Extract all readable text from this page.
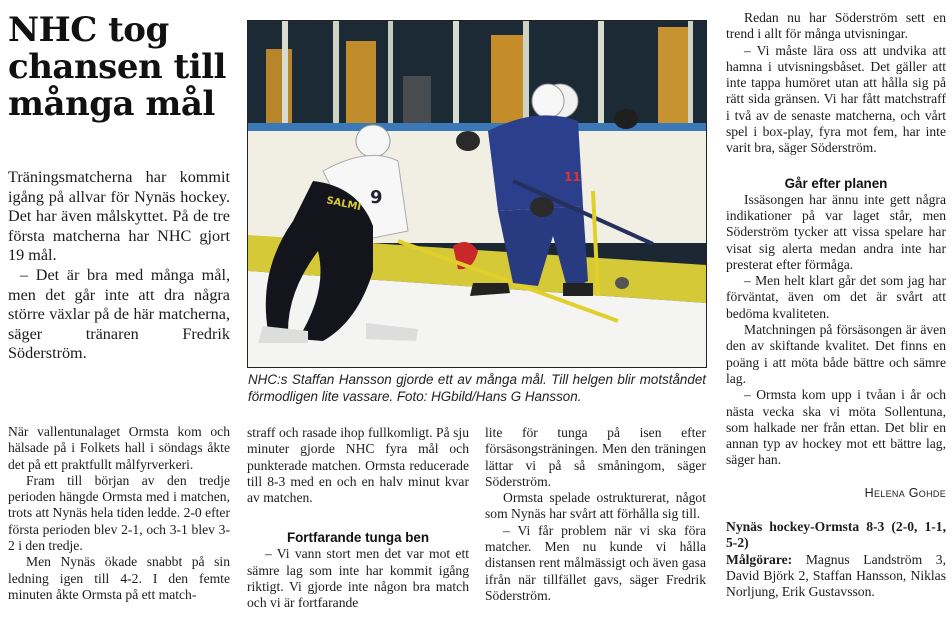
NHC tog chansen till många mål

Träningsmatcherna har kommit igång på allvar för Nynäs hockey. Det har även målskyttet. På de tre första matcherna har NHC gjort 19 mål.

– Det är bra med många mål, men det går inte att dra några större växlar på de här matcherna, säger tränaren Fredrik Söderström.

9
SALMI
11
NHC:s Staffan Hansson gjorde ett av många mål. Till helgen blir motståndet förmodligen lite vassare. Foto: HGbild/Hans G Hansson.

När vallentunalaget Ormsta kom och hälsade på i Folkets hall i söndags åkte det på ett praktfullt målfyrverkeri.

Fram till början av den tredje perioden hängde Ormsta med i matchen, trots att Nynäs hela tiden ledde. 2-0 efter första perioden blev 2-1, och 3-1 blev 3-2 i den tredje.

Men Nynäs ökade snabbt på sin ledning igen till 4-2. I den femte minuten åkte Ormsta på ett match-

straff och rasade ihop fullkomligt. På sju minuter gjorde NHC fyra mål och punkterade matchen. Ormsta reducerade till 8-3 med en och en halv minut kvar av matchen.

Fortfarande tunga ben

– Vi vann stort men det var mot ett sämre lag som inte har kommit igång riktigt. Vi gjorde inte någon bra match och vi är fortfarande

lite för tunga på isen efter försäsongsträningen. Men den träningen lättar vi på så småningom, säger Söderström.

Ormsta spelade ostrukturerat, något som Nynäs har svårt att förhålla sig till.

– Vi får problem när vi ska föra matcher. Men nu kunde vi hålla distansen rent målmässigt och även gasa ifrån när tillfället gavs, säger Fredrik Söderström.

Redan nu har Söderström sett en trend i allt för många utvisningar.

– Vi måste lära oss att undvika att hamna i utvisningsbåset. Det gäller att inte tappa humöret utan att hålla sig på rätt sida gränsen. Vi har fått matchstraff i två av de senaste matcherna, och vårt spel i box-play, fyra mot fem, har inte varit bra, säger Söderström.

Går efter planen

Issäsongen har ännu inte gett några indikationer på var laget står, men Söderström tycker att vissa spelare har visat sig alerta medan andra inte har presterat efter förmåga.

– Men helt klart går det som jag har förväntat, även om det är svårt att bedöma kvaliteten.

Matchningen på försäsongen är även den av skiftande kvalitet. Det finns en poäng i att möta både bättre och sämre lag.

– Ormsta kom upp i tvåan i år och nästa vecka ska vi möta Sollentuna, som halkade ner från ettan. Det blir en annan typ av hockey mot ett bättre lag, säger han.

Helena Gohde
Nynäs hockey-Ormsta 8-3 (2-0, 1-1, 5-2)
Målgörare: Magnus Landström 3, David Björk 2, Staffan Hansson, Niklas Norljung, Erik Gustavsson.
